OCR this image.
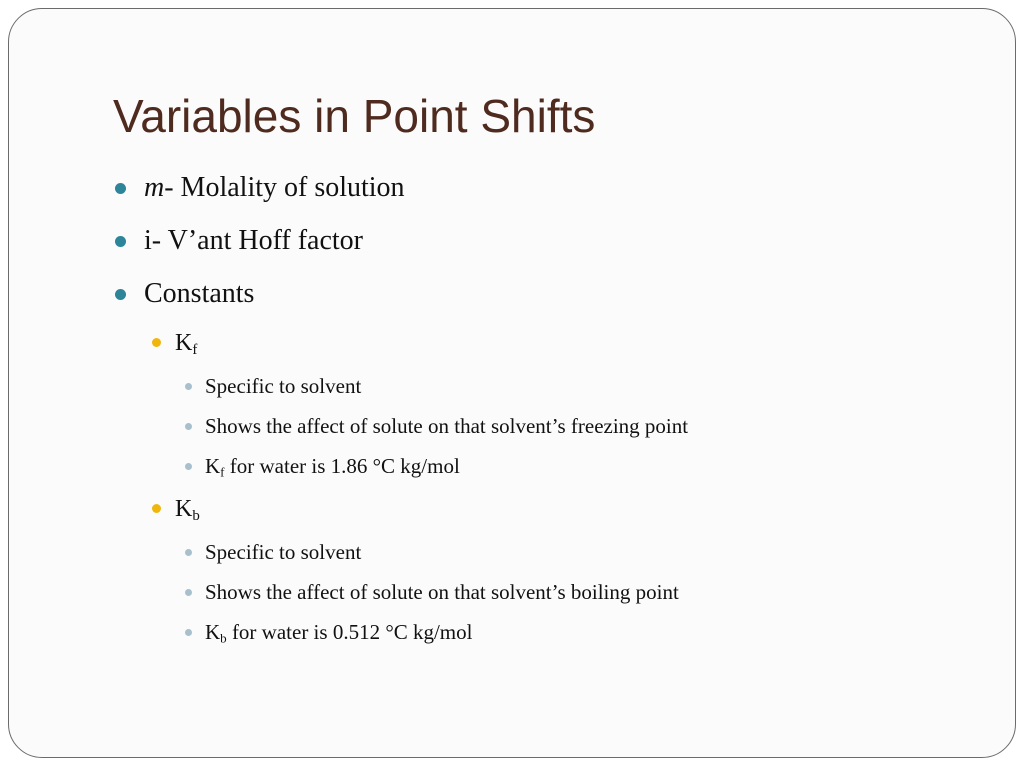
Variables in Point Shifts
m- Molality of solution
i- V’ant Hoff factor
Constants
$K_f$
Specific to solvent
Shows the affect of solute on that solvent’s freezing point
$K_f$ for water is 1.86 °C kg/mol
$K_b$
Specific to solvent
Shows the affect of solute on that solvent’s boiling point
$K_b$ for water is 0.512 °C kg/mol
